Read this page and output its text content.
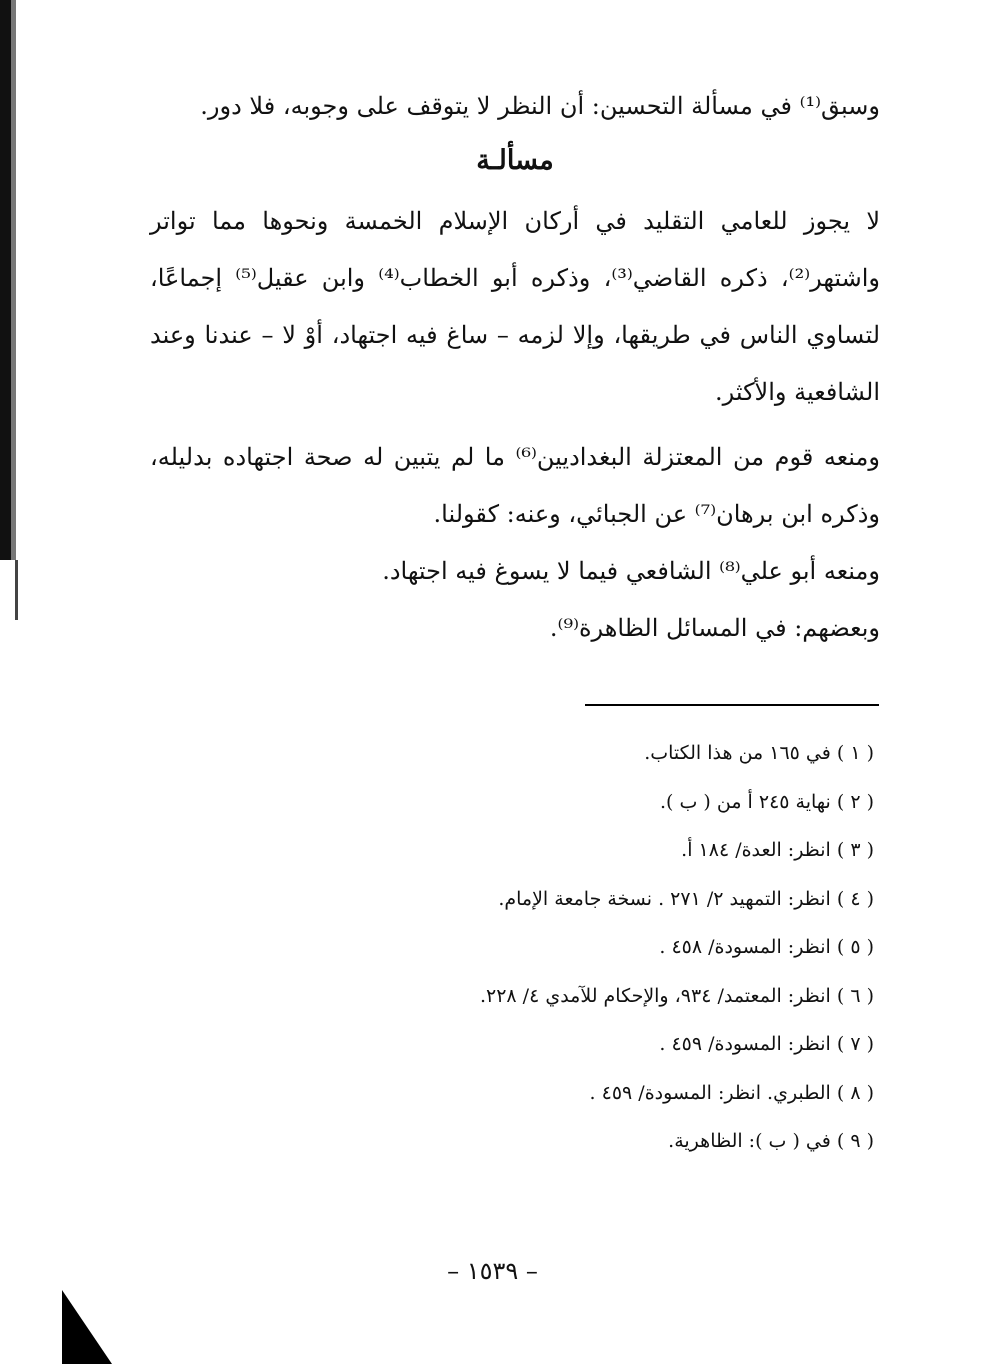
وسبق⁽¹⁾ في مسألة التحسين: أن النظر لا يتوقف على وجوبه، فلا دور.

مسألـة

لا يجوز للعامي التقليد في أركان الإسلام الخمسة ونحوها مما تواتر واشتهر⁽²⁾، ذكره القاضي⁽³⁾، وذكره أبو الخطاب⁽⁴⁾ وابن عقيل⁽⁵⁾ إجماعًا، لتساوي الناس في طريقها، وإلا لزمه – ساغ فيه اجتهاد، أوْ لا – عندنا وعند الشافعية والأكثر.

ومنعه قوم من المعتزلة البغداديين⁽⁶⁾ ما لم يتبين له صحة اجتهاده بدليله، وذكره ابن برهان⁽⁷⁾ عن الجبائي، وعنه: كقولنا.

ومنعه أبو علي⁽⁸⁾ الشافعي فيما لا يسوغ فيه اجتهاد.

وبعضهم: في المسائل الظاهرة⁽⁹⁾.

( ١ ) في ١٦٥ من هذا الكتاب.

( ٢ ) نهاية ٢٤٥ أ من ( ب ).

( ٣ ) انظر: العدة/ ١٨٤ أ.

( ٤ ) انظر: التمهيد ٢/ ٢٧١ . نسخة جامعة الإمام.

( ٥ ) انظر: المسودة/ ٤٥٨ .

( ٦ ) انظر: المعتمد/ ٩٣٤، والإحكام للآمدي ٤/ ٢٢٨.

( ٧ ) انظر: المسودة/ ٤٥٩ .

( ٨ ) الطبري. انظر: المسودة/ ٤٥٩ .

( ٩ ) في ( ب ): الظاهرية.

– ١٥٣٩ –
